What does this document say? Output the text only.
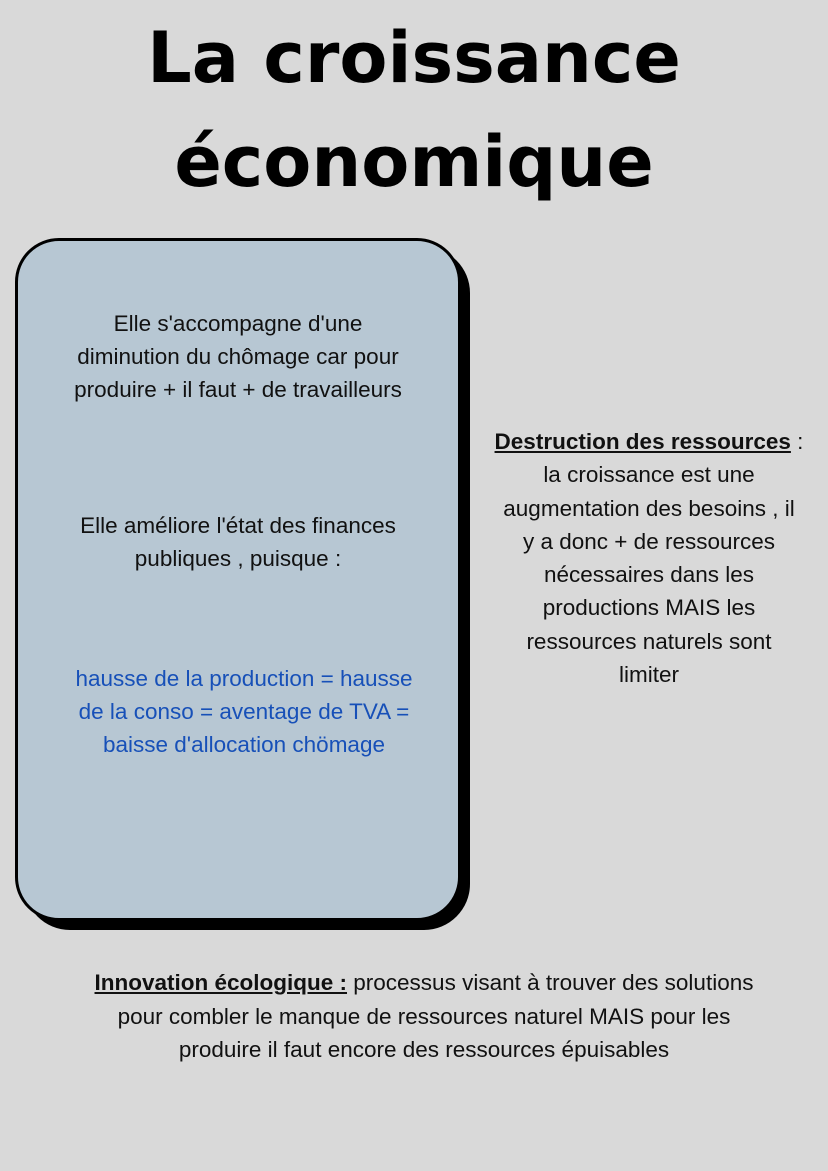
La croissance
économique
Elle s'accompagne d'une
diminution du chômage car pour
produire + il faut + de travailleurs
Elle améliore l'état des finances
publiques , puisque :
hausse de la production = hausse
de la conso = aventage de TVA =
baisse d'allocation chömage
Destruction des ressources :
la croissance est une
augmentation des besoins , il
y a donc + de ressources
nécessaires dans les
productions MAIS les
ressources naturels sont
limiter
Innovation écologique : processus visant à trouver des solutions
pour combler le manque de ressources naturel MAIS pour les
produire il faut encore des ressources épuisables
